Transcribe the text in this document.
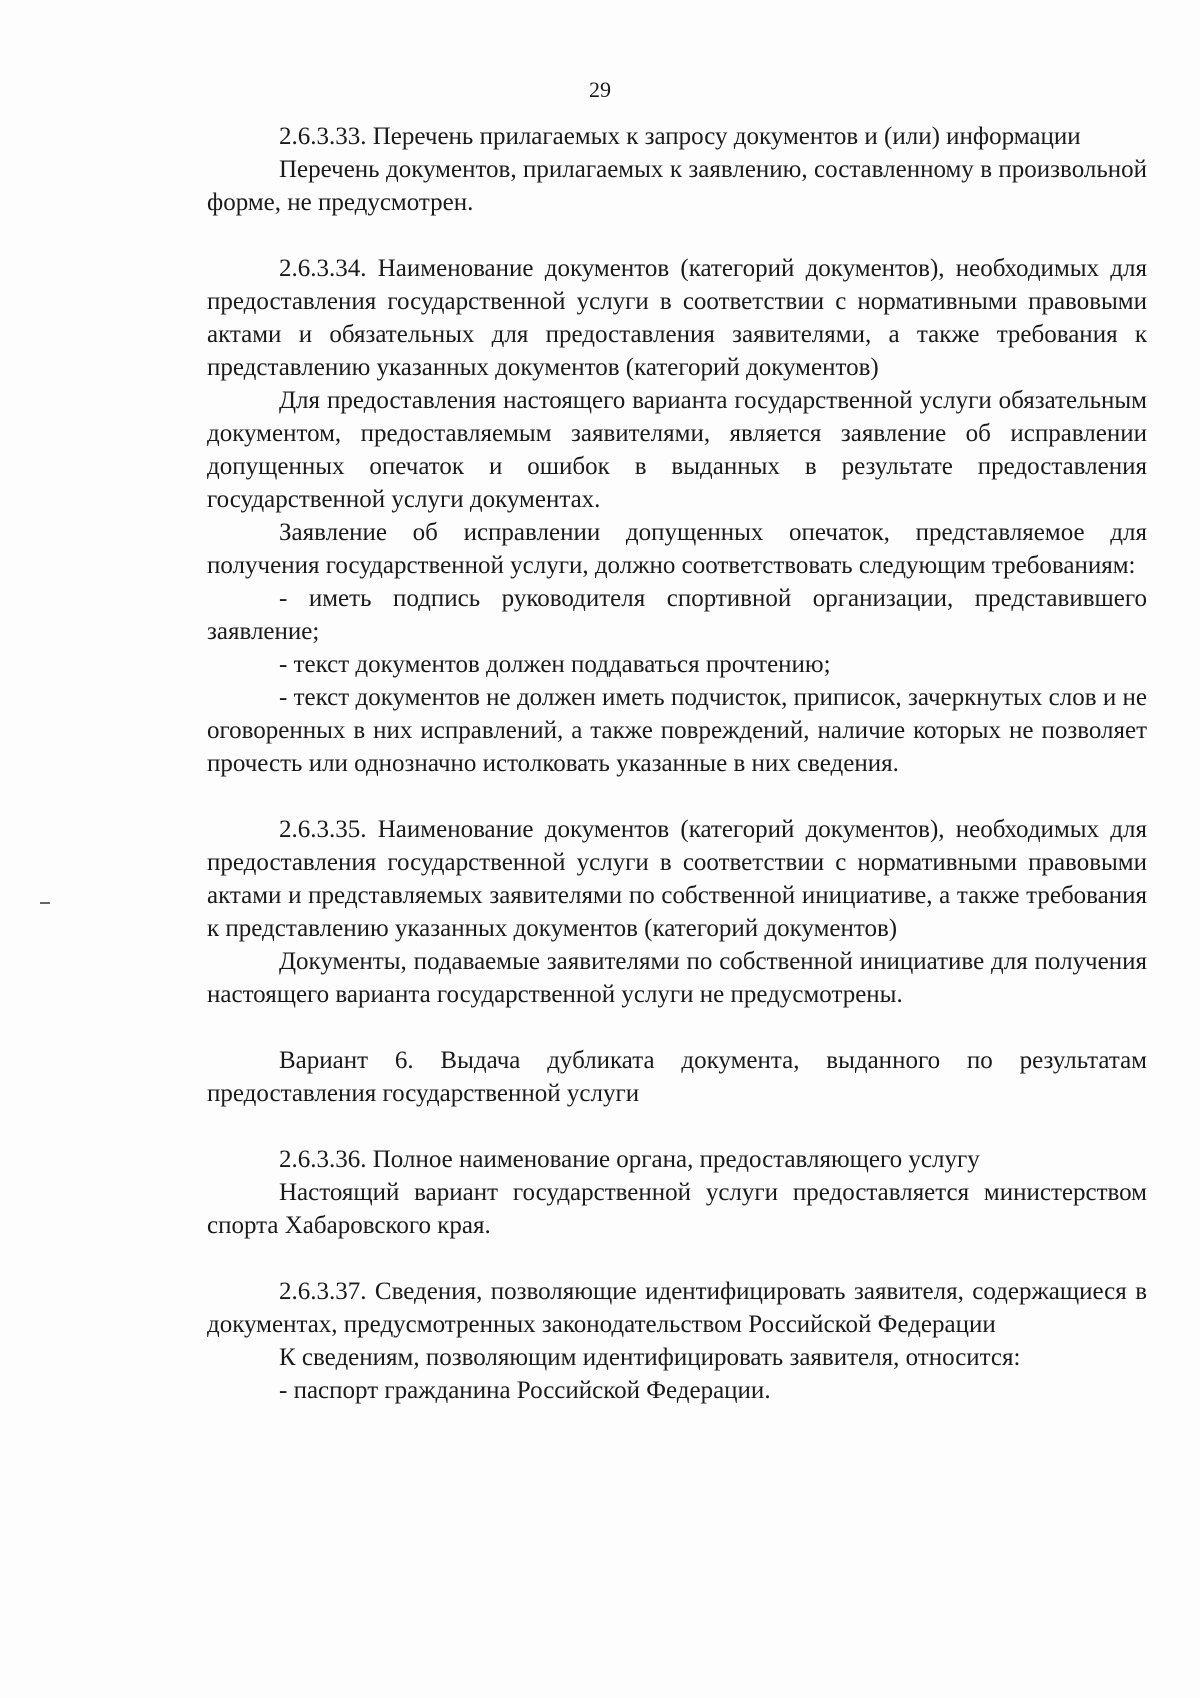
29

2.6.3.33. Перечень прилагаемых к запросу документов и (или) информации

Перечень документов, прилагаемых к заявлению, составленному в произвольной форме, не предусмотрен.

2.6.3.34. Наименование документов (категорий документов), необходимых для предоставления государственной услуги в соответствии с нормативными правовыми актами и обязательных для предоставления заявителями, а также требования к представлению указанных документов (категорий документов)

Для предоставления настоящего варианта государственной услуги обязательным документом, предоставляемым заявителями, является заявление об исправлении допущенных опечаток и ошибок в выданных в результате предоставления государственной услуги документах.

Заявление об исправлении допущенных опечаток, представляемое для получения государственной услуги, должно соответствовать следующим требованиям:

- иметь подпись руководителя спортивной организации, представившего заявление;

- текст документов должен поддаваться прочтению;

- текст документов не должен иметь подчисток, приписок, зачеркнутых слов и не оговоренных в них исправлений, а также повреждений, наличие которых не позволяет прочесть или однозначно истолковать указанные в них сведения.

2.6.3.35. Наименование документов (категорий документов), необходимых для предоставления государственной услуги в соответствии с нормативными правовыми актами и представляемых заявителями по собственной инициативе, а также требования к представлению указанных документов (категорий документов)

Документы, подаваемые заявителями по собственной инициативе для получения настоящего варианта государственной услуги не предусмотрены.

Вариант 6. Выдача дубликата документа, выданного по результатам предоставления государственной услуги

2.6.3.36. Полное наименование органа, предоставляющего услугу

Настоящий вариант государственной услуги предоставляется министерством спорта Хабаровского края.

2.6.3.37. Сведения, позволяющие идентифицировать заявителя, содержащиеся в документах, предусмотренных законодательством Российской Федерации

К сведениям, позволяющим идентифицировать заявителя, относится:

- паспорт гражданина Российской Федерации.
